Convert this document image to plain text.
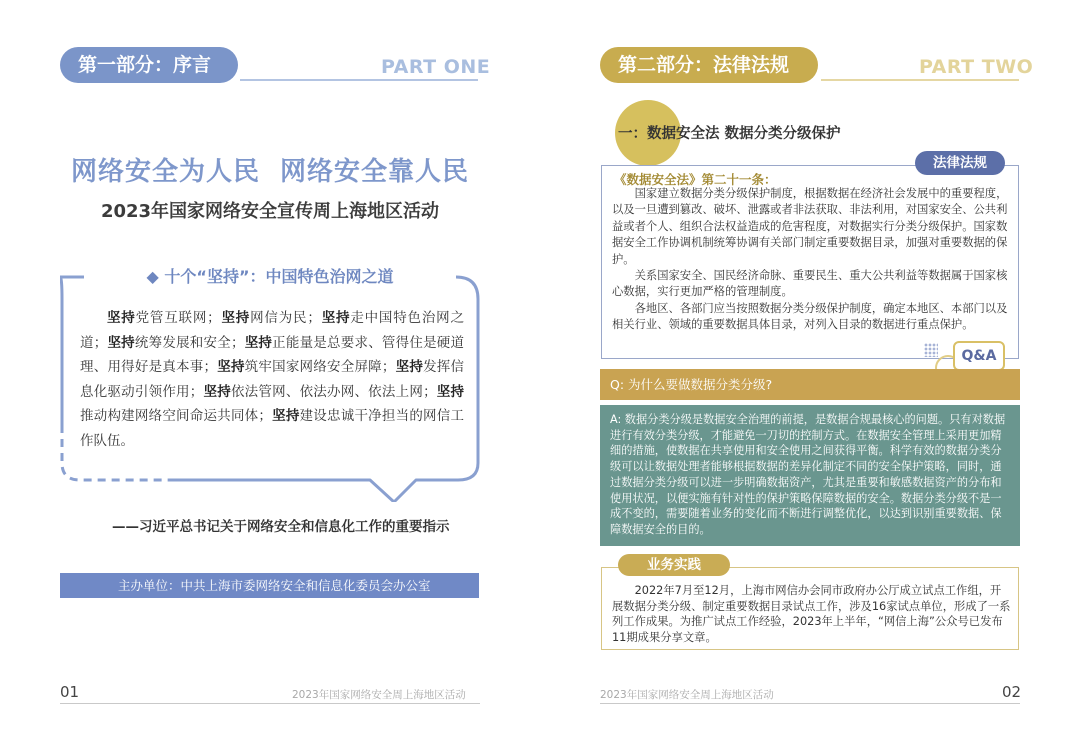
第一部分：序言	PART ONE
网络安全为人民  网络安全靠人民
2023年国家网络安全宣传周上海地区活动
◆ 十个“坚持”：中国特色治网之道
坚持党管互联网；坚持网信为民；坚持走中国特色治网之道；坚持统筹发展和安全；坚持正能量是总要求、管得住是硬道理、用得好是真本事；坚持筑牢国家网络安全屏障；坚持发挥信息化驱动引领作用；坚持依法管网、依法办网、依法上网；坚持推动构建网络空间命运共同体；坚持建设忠诚干净担当的网信工作队伍。
——习近平总书记关于网络安全和信息化工作的重要指示
主办单位：中共上海市委网络安全和信息化委员会办公室
01	2023年国家网络安全周上海地区活动
第二部分：法律法规	PART TWO
一：数据安全法 数据分类分级保护
法律法规
《数据安全法》第二十一条：

国家建立数据分类分级保护制度，根据数据在经济社会发展中的重要程度，以及一旦遭到篡改、破坏、泄露或者非法获取、非法利用，对国家安全、公共利益或者个人、组织合法权益造成的危害程度，对数据实行分类分级保护。国家数据安全工作协调机制统筹协调有关部门制定重要数据目录，加强对重要数据的保护。

关系国家安全、国民经济命脉、重要民生、重大公共利益等数据属于国家核心数据，实行更加严格的管理制度。

各地区、各部门应当按照数据分类分级保护制度，确定本地区、本部门以及相关行业、领域的重要数据具体目录，对列入目录的数据进行重点保护。

Q&A
Q: 为什么要做数据分类分级?
A: 数据分类分级是数据安全治理的前提，是数据合规最核心的问题。只有对数据进行有效分类分级，才能避免一刀切的控制方式。在数据安全管理上采用更加精细的措施，使数据在共享使用和安全使用之间获得平衡。科学有效的数据分类分级可以让数据处理者能够根据数据的差异化制定不同的安全保护策略，同时，通过数据分类分级可以进一步明确数据资产，尤其是重要和敏感数据资产的分布和使用状况，以便实施有针对性的保护策略保障数据的安全。数据分类分级不是一成不变的，需要随着业务的变化而不断进行调整优化，以达到识别重要数据、保障数据安全的目的。
业务实践
2022年7月至12月，上海市网信办会同市政府办公厅成立试点工作组，开展数据分类分级、制定重要数据目录试点工作，涉及16家试点单位，形成了一系列工作成果。为推广试点工作经验，2023年上半年，“网信上海”公众号已发布11期成果分享文章。
2023年国家网络安全周上海地区活动	02
